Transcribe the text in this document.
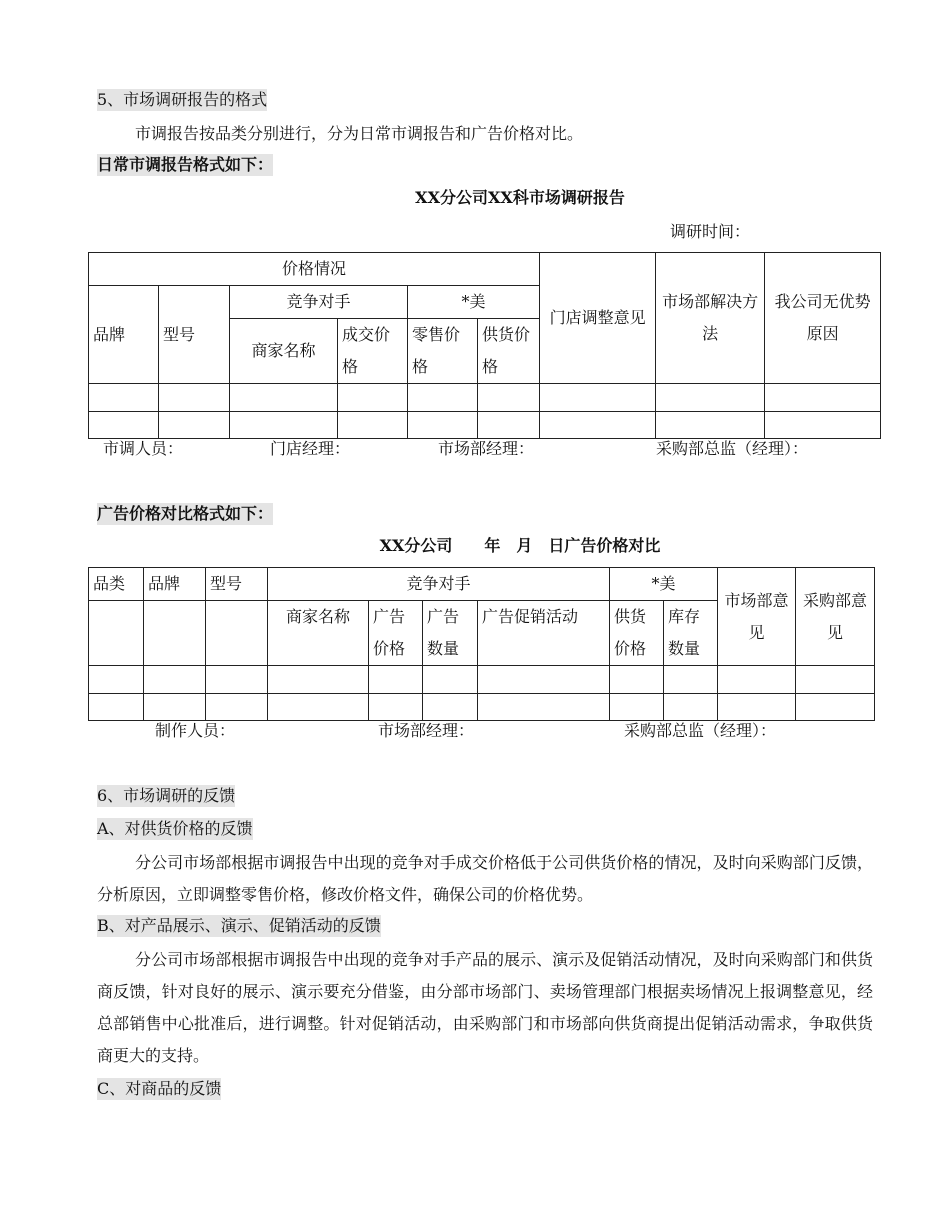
5、市场调研报告的格式
市调报告按品类分别进行，分为日常市调报告和广告价格对比。
日常市调报告格式如下：
XX分公司XX科市场调研报告
调研时间：
价格情况						门店调整意见	市场部解决方法	我公司无优势原因
品牌	型号	竞争对手		*美				
		商家名称	成交价格	零售价格	供货价格			

市调人员：	门店经理：	市场部经理：	采购部总监（经理）：
广告价格对比格式如下：
XX分公司　　年　月　日广告价格对比
品类	品牌	型号	竞争对手				*美		市场部意见	采购部意见
			商家名称	广告价格	广告数量	广告促销活动	供货价格	库存数量		

制作人员：	市场部经理：	采购部总监（经理）：
6、市场调研的反馈
A、对供货价格的反馈
分公司市场部根据市调报告中出现的竞争对手成交价格低于公司供货价格的情况，及时向采购部门反馈，分析原因，立即调整零售价格，修改价格文件，确保公司的价格优势。
B、对产品展示、演示、促销活动的反馈
分公司市场部根据市调报告中出现的竞争对手产品的展示、演示及促销活动情况，及时向采购部门和供货商反馈，针对良好的展示、演示要充分借鉴，由分部市场部门、卖场管理部门根据卖场情况上报调整意见，经总部销售中心批准后，进行调整。针对促销活动，由采购部门和市场部向供货商提出促销活动需求，争取供货商更大的支持。
C、对商品的反馈
